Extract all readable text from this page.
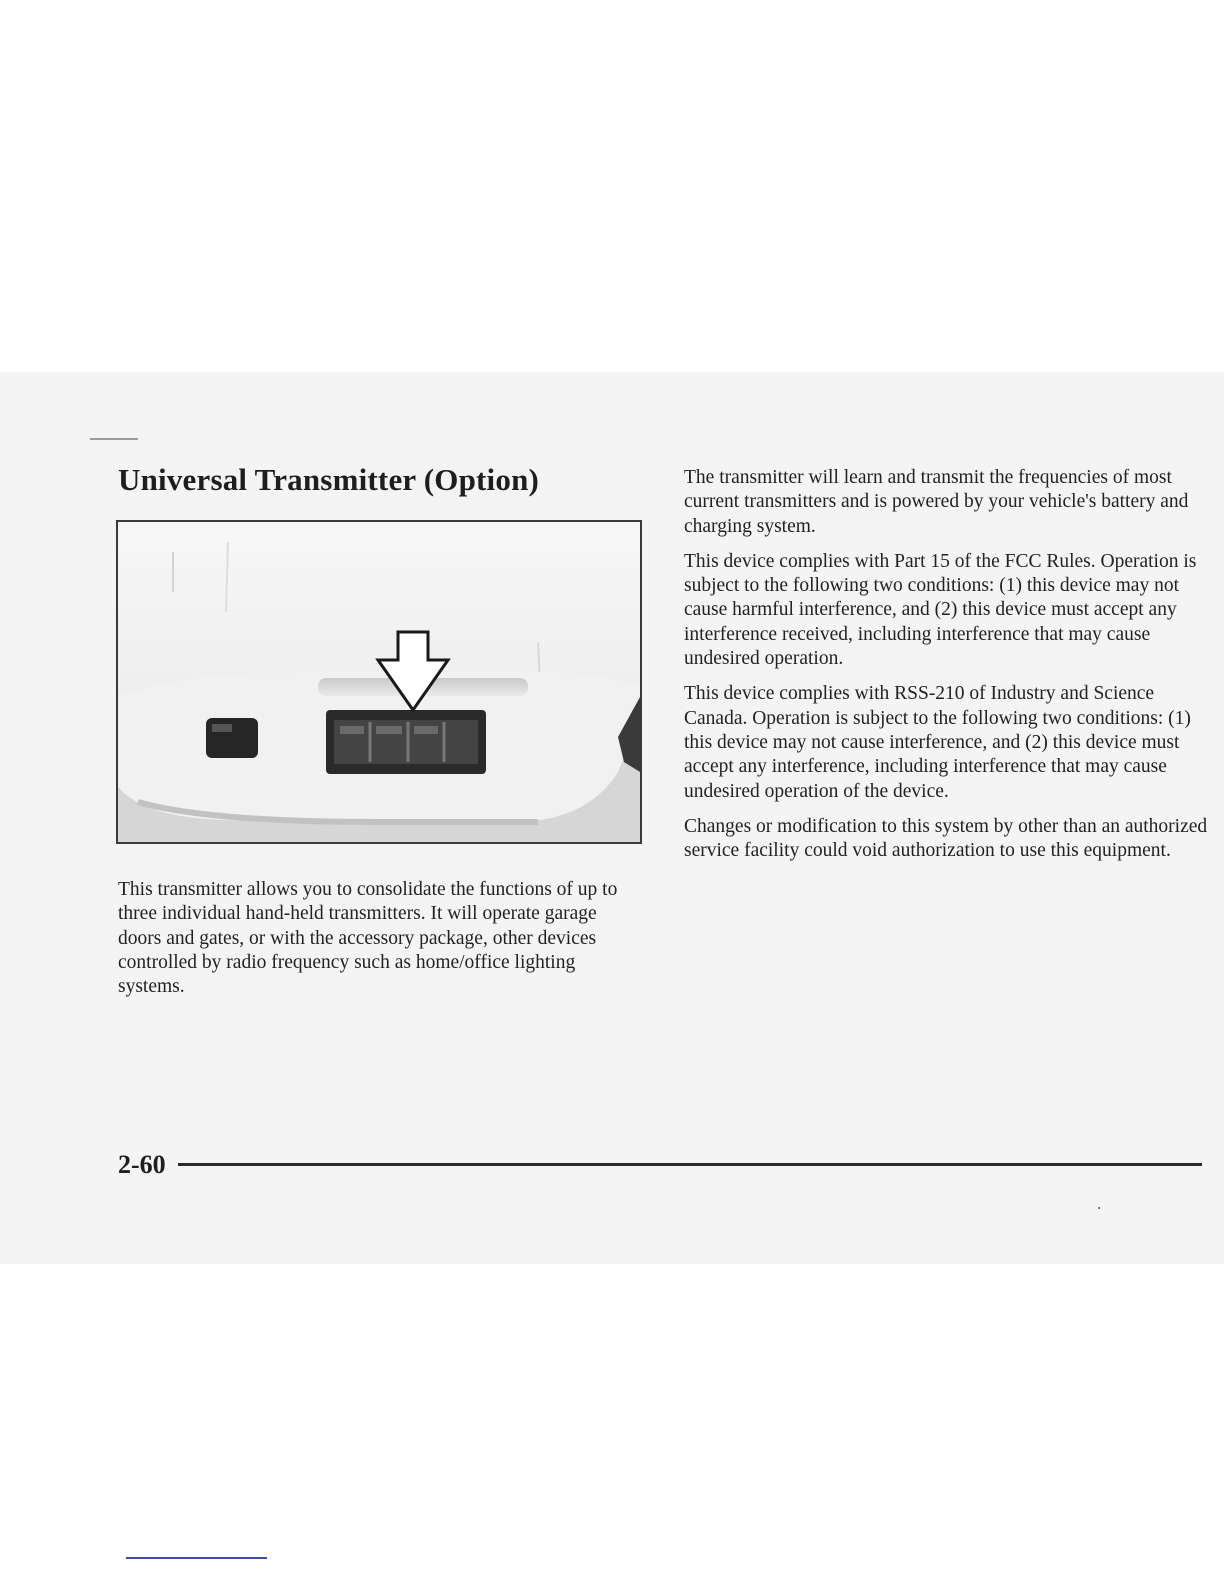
Universal Transmitter (Option)

This transmitter allows you to consolidate the functions of up to three individual hand-held transmitters. It will operate garage doors and gates, or with the accessory package, other devices controlled by radio frequency such as home/office lighting systems.

The transmitter will learn and transmit the frequencies of most current transmitters and is powered by your vehicle's battery and charging system.

This device complies with Part 15 of the FCC Rules. Operation is subject to the following two conditions: (1) this device may not cause harmful interference, and (2) this device must accept any interference received, including interference that may cause undesired operation.

This device complies with RSS-210 of Industry and Science Canada. Operation is subject to the following two conditions: (1) this device may not cause interference, and (2) this device must accept any interference, including interference that may cause undesired operation of the device.

Changes or modification to this system by other than an authorized service facility could void authorization to use this equipment.

2-60
